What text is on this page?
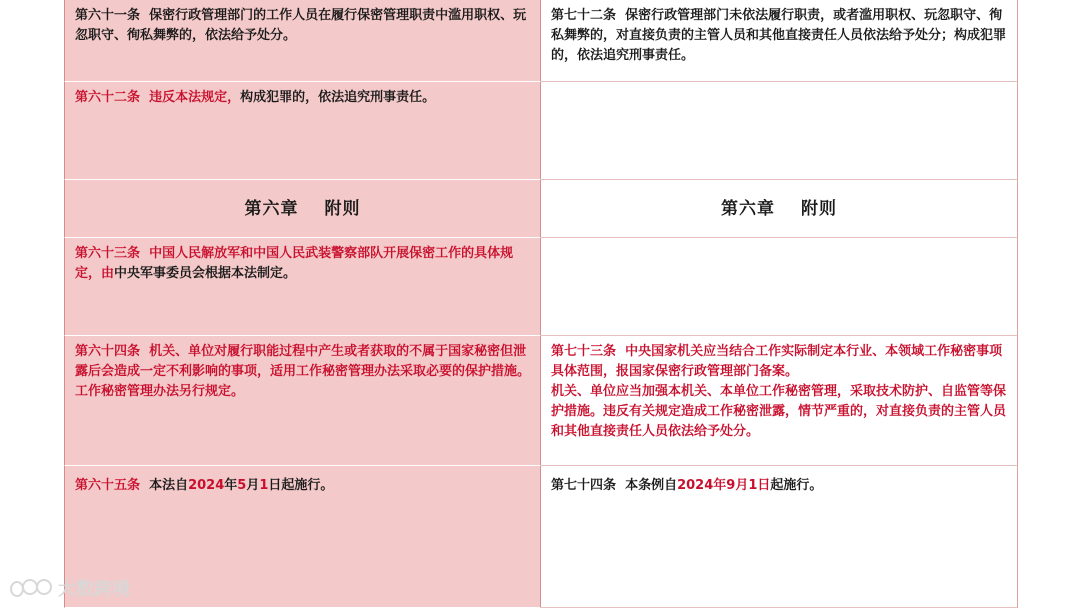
第六十一条 保密行政管理部门的工作人员在履行保密管理职责中滥用职权、玩忽职守、徇私舞弊的，依法给予处分。
第七十二条 保密行政管理部门未依法履行职责，或者滥用职权、玩忽职守、徇私舞弊的，对直接负责的主管人员和其他直接责任人员依法给予处分；构成犯罪的，依法追究刑事责任。
第六十二条 违反本法规定，构成犯罪的，依法追究刑事责任。
第六章 附则	第六章 附则
第六十三条 中国人民解放军和中国人民武装警察部队开展保密工作的具体规定，由中央军事委员会根据本法制定。
第六十四条 机关、单位对履行职能过程中产生或者获取的不属于国家秘密但泄露后会造成一定不利影响的事项，适用工作秘密管理办法采取必要的保护措施。工作秘密管理办法另行规定。
第七十三条 中央国家机关应当结合工作实际制定本行业、本领域工作秘密事项具体范围，报国家保密行政管理部门备案。
机关、单位应当加强本机关、本单位工作秘密管理，采取技术防护、自监管等保护措施。违反有关规定造成工作秘密泄露，情节严重的，对直接负责的主管人员和其他直接责任人员依法给予处分。
第六十五条 本法自2024年5月1日起施行。	第七十四条 本条例自2024年9月1日起施行。
大数跨境
